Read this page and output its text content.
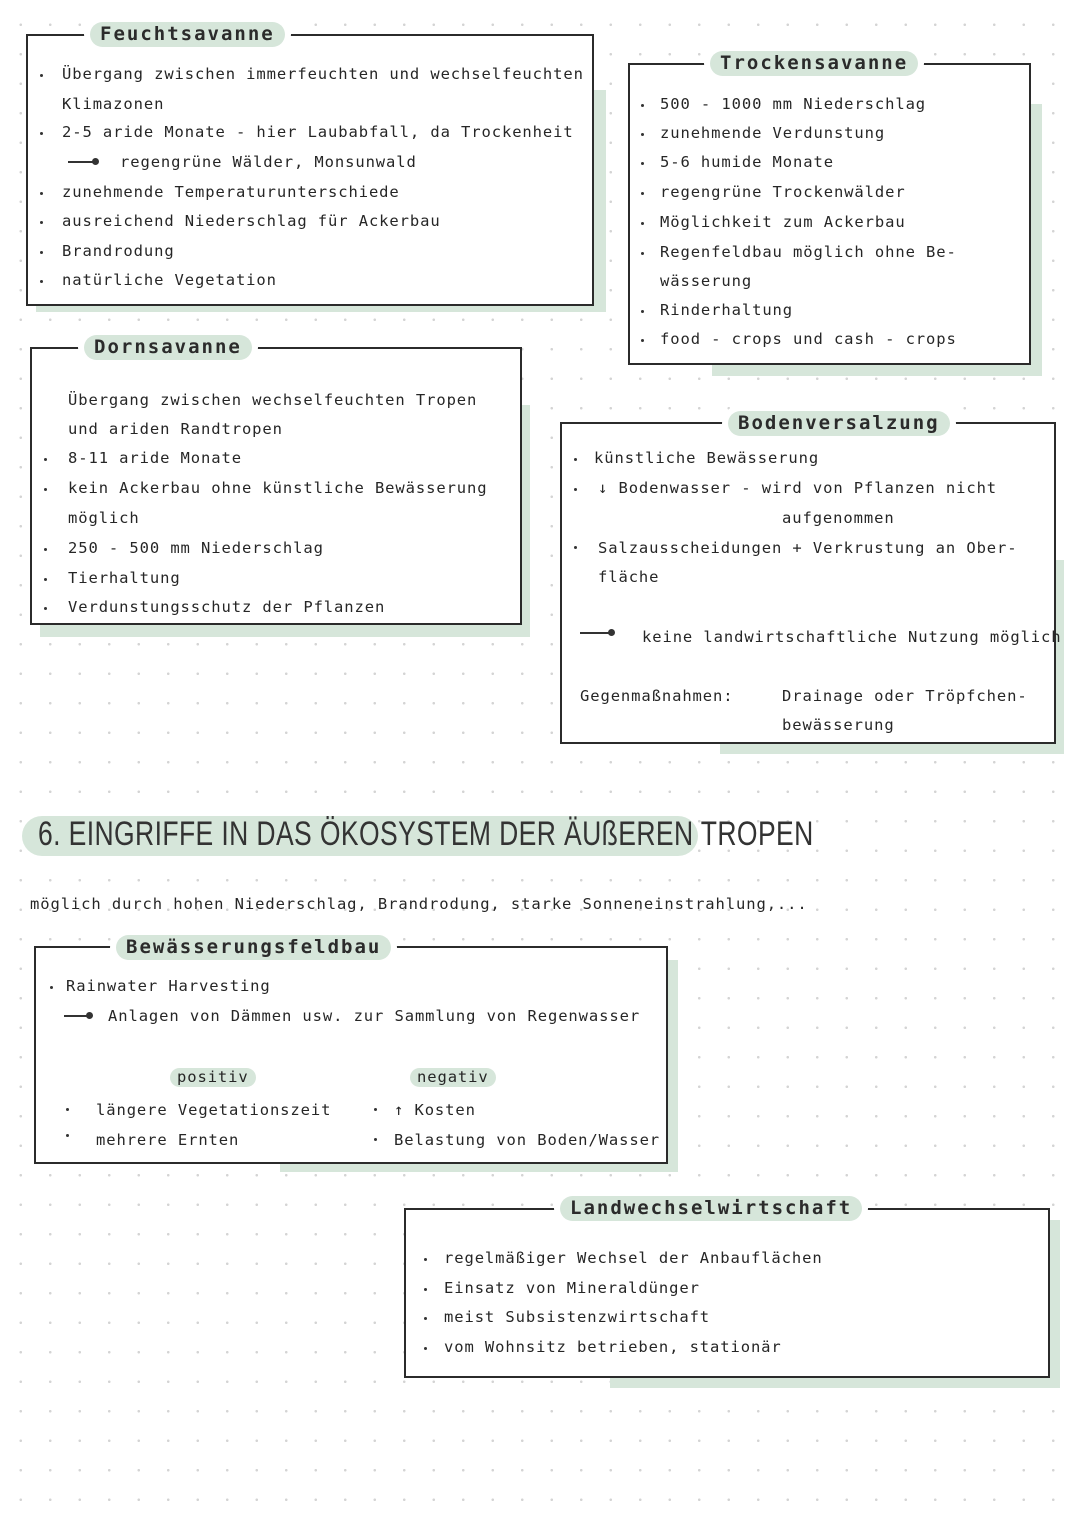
Feuchtsavanne
Übergang zwischen immerfeuchten und wechselfeuchten
Klimazonen
2-5 aride Monate - hier Laubabfall, da Trockenheit
regengrüne Wälder, Monsunwald
zunehmende Temperaturunterschiede
ausreichend Niederschlag für Ackerbau
Brandrodung
natürliche Vegetation
Trockensavanne
500 - 1000 mm Niederschlag
zunehmende Verdunstung
5-6 humide Monate
regengrüne Trockenwälder
Möglichkeit zum Ackerbau
Regenfeldbau möglich ohne Be-
wässerung
Rinderhaltung
food - crops und cash - crops
Dornsavanne
Übergang zwischen wechselfeuchten Tropen
und ariden Randtropen
8-11 aride Monate
kein Ackerbau ohne künstliche Bewässerung
möglich
250 - 500 mm Niederschlag
Tierhaltung
Verdunstungsschutz der Pflanzen
Bodenversalzung
künstliche Bewässerung
↓ Bodenwasser - wird von Pflanzen nicht
aufgenommen
Salzausscheidungen + Verkrustung an Ober-
fläche
keine landwirtschaftliche Nutzung möglich
Gegenmaßnahmen:	Drainage oder Tröpfchen-
bewässerung
6. EINGRIFFE IN DAS ÖKOSYSTEM DER ÄUßEREN TROPEN
möglich durch hohen Niederschlag, Brandrodung, starke Sonneneinstrahlung,...
Bewässerungsfeldbau
Rainwater Harvesting
Anlagen von Dämmen usw. zur Sammlung von Regenwasser
positiv	negativ
längere Vegetationszeit
mehrere Ernten
↑ Kosten
Belastung von Boden/Wasser
Landwechselwirtschaft
regelmäßiger Wechsel der Anbauflächen
Einsatz von Mineraldünger
meist Subsistenzwirtschaft
vom Wohnsitz betrieben, stationär
